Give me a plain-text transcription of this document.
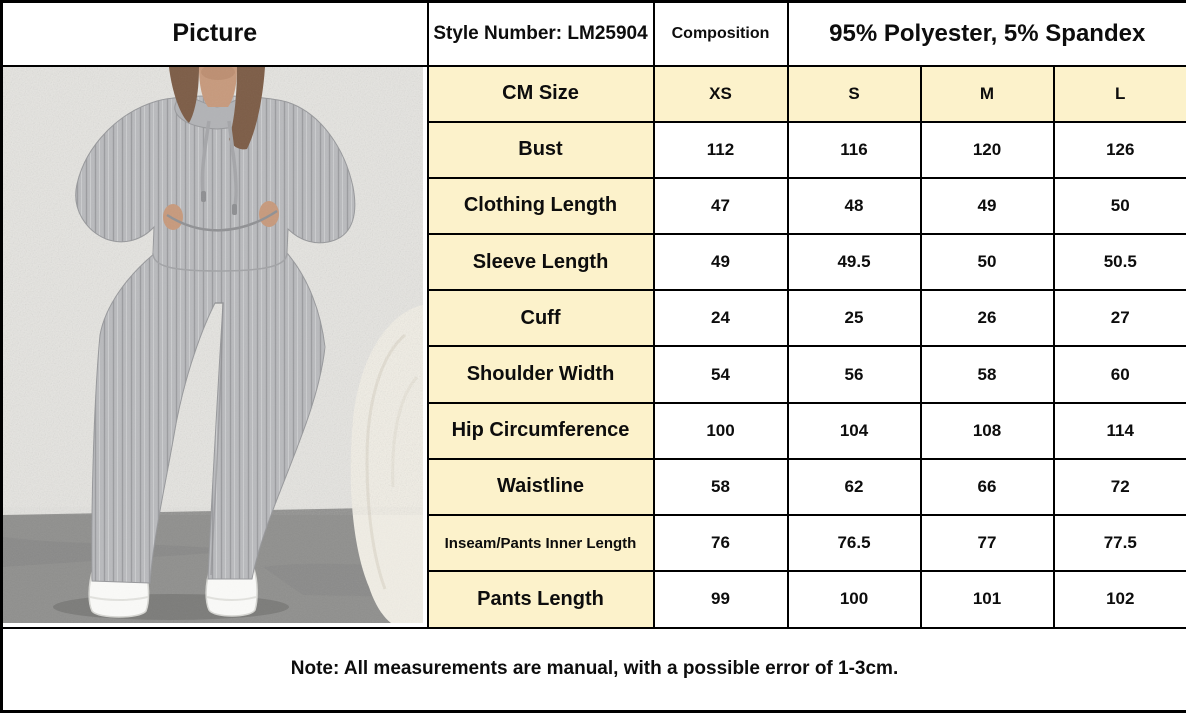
Picture	Style Number: LM25904	Composition	95% Polyester, 5% Spandex		

	CM Size	XS	S	M	L
	Bust	112	116	120	126
	Clothing Length	47	48	49	50
	Sleeve Length	49	49.5	50	50.5
	Cuff	24	25	26	27
	Shoulder Width	54	56	58	60
	Hip Circumference	100	104	108	114
	Waistline	58	62	66	72
	Inseam/Pants Inner Length	76	76.5	77	77.5
	Pants Length	99	100	101	102
Note: All measurements are manual, with a possible error of 1-3cm.					
